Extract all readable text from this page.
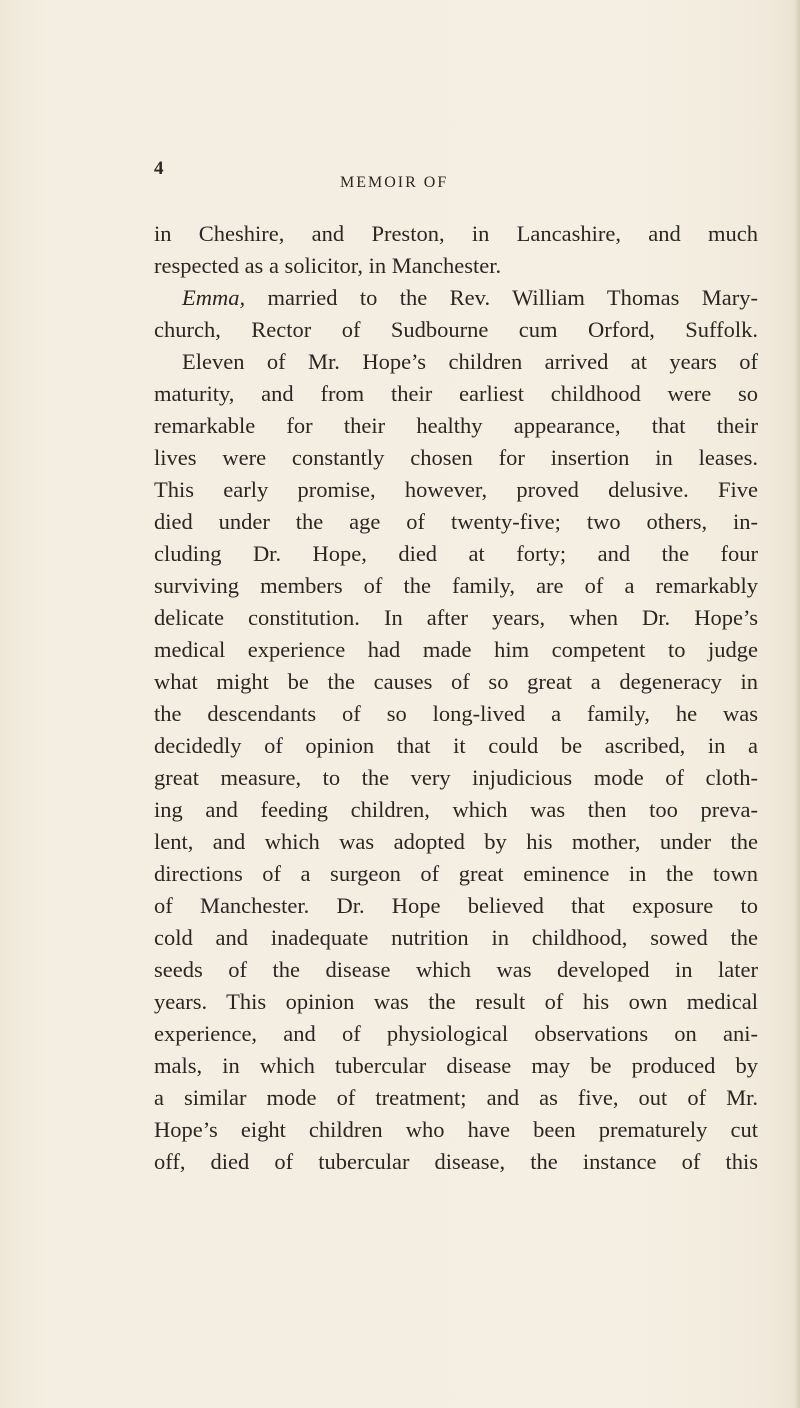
4
MEMOIR OF
in Cheshire, and Preston, in Lancashire, and much
respected as a solicitor, in Manchester.
Emma, married to the Rev. William Thomas Mary-
church, Rector of Sudbourne cum Orford, Suffolk.
Eleven of Mr. Hope’s children arrived at years of
maturity, and from their earliest childhood were so
remarkable for their healthy appearance, that their
lives were constantly chosen for insertion in leases.
This early promise, however, proved delusive. Five
died under the age of twenty-five; two others, in-
cluding Dr. Hope, died at forty; and the four
surviving members of the family, are of a remarkably
delicate constitution. In after years, when Dr. Hope’s
medical experience had made him competent to judge
what might be the causes of so great a degeneracy in
the descendants of so long-lived a family, he was
decidedly of opinion that it could be ascribed, in a
great measure, to the very injudicious mode of cloth-
ing and feeding children, which was then too preva-
lent, and which was adopted by his mother, under the
directions of a surgeon of great eminence in the town
of Manchester. Dr. Hope believed that exposure to
cold and inadequate nutrition in childhood, sowed the
seeds of the disease which was developed in later
years. This opinion was the result of his own medical
experience, and of physiological observations on ani-
mals, in which tubercular disease may be produced by
a similar mode of treatment; and as five, out of Mr.
Hope’s eight children who have been prematurely cut
off, died of tubercular disease, the instance of this
